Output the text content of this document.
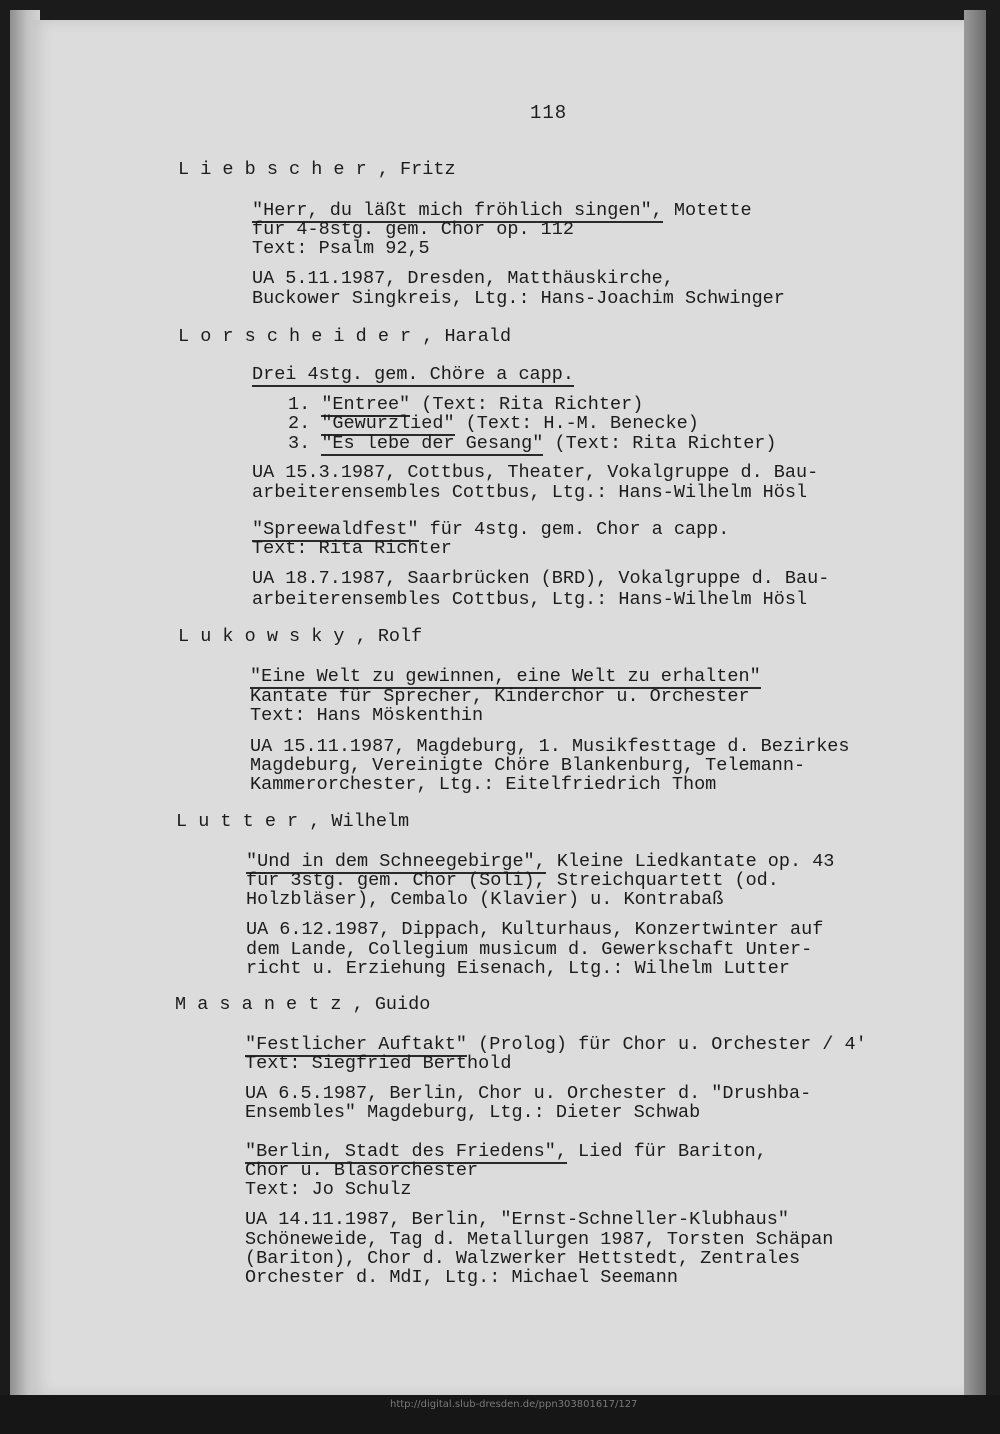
118
L i e b s c h e r , Fritz
"Herr, du läßt mich fröhlich singen", Motette
für 4-8stg. gem. Chor op. 112
Text: Psalm 92,5
UA 5.11.1987, Dresden, Matthäuskirche,
Buckower Singkreis, Ltg.: Hans-Joachim Schwinger
L o r s c h e i d e r , Harald
Drei 4stg. gem. Chöre a capp.
1. "Entree" (Text: Rita Richter)
2. "Gewürzlied" (Text: H.-M. Benecke)
3. "Es lebe der Gesang" (Text: Rita Richter)
UA 15.3.1987, Cottbus, Theater, Vokalgruppe d. Bau-
arbeiterensembles Cottbus, Ltg.: Hans-Wilhelm Hösl
"Spreewaldfest" für 4stg. gem. Chor a capp.
Text: Rita Richter
UA 18.7.1987, Saarbrücken (BRD), Vokalgruppe d. Bau-
arbeiterensembles Cottbus, Ltg.: Hans-Wilhelm Hösl
L u k o w s k y , Rolf
"Eine Welt zu gewinnen, eine Welt zu erhalten"
Kantate für Sprecher, Kinderchor u. Orchester
Text: Hans Möskenthin
UA 15.11.1987, Magdeburg, 1. Musikfesttage d. Bezirkes
Magdeburg, Vereinigte Chöre Blankenburg, Telemann-
Kammerorchester, Ltg.: Eitelfriedrich Thom
L u t t e r , Wilhelm
"Und in dem Schneegebirge", Kleine Liedkantate op. 43
für 3stg. gem. Chor (Soli), Streichquartett (od.
Holzbläser), Cembalo (Klavier) u. Kontrabaß
UA 6.12.1987, Dippach, Kulturhaus, Konzertwinter auf
dem Lande, Collegium musicum d. Gewerkschaft Unter-
richt u. Erziehung Eisenach, Ltg.: Wilhelm Lutter
M a s a n e t z , Guido
"Festlicher Auftakt" (Prolog) für Chor u. Orchester / 4'
Text: Siegfried Berthold
UA 6.5.1987, Berlin, Chor u. Orchester d. "Drushba-
Ensembles" Magdeburg, Ltg.: Dieter Schwab
"Berlin, Stadt des Friedens", Lied für Bariton,
Chor u. Blasorchester
Text: Jo Schulz
UA 14.11.1987, Berlin, "Ernst-Schneller-Klubhaus"
Schöneweide, Tag d. Metallurgen 1987, Torsten Schäpan
(Bariton), Chor d. Walzwerker Hettstedt, Zentrales
Orchester d. MdI, Ltg.: Michael Seemann
http://digital.slub-dresden.de/ppn303801617/127
